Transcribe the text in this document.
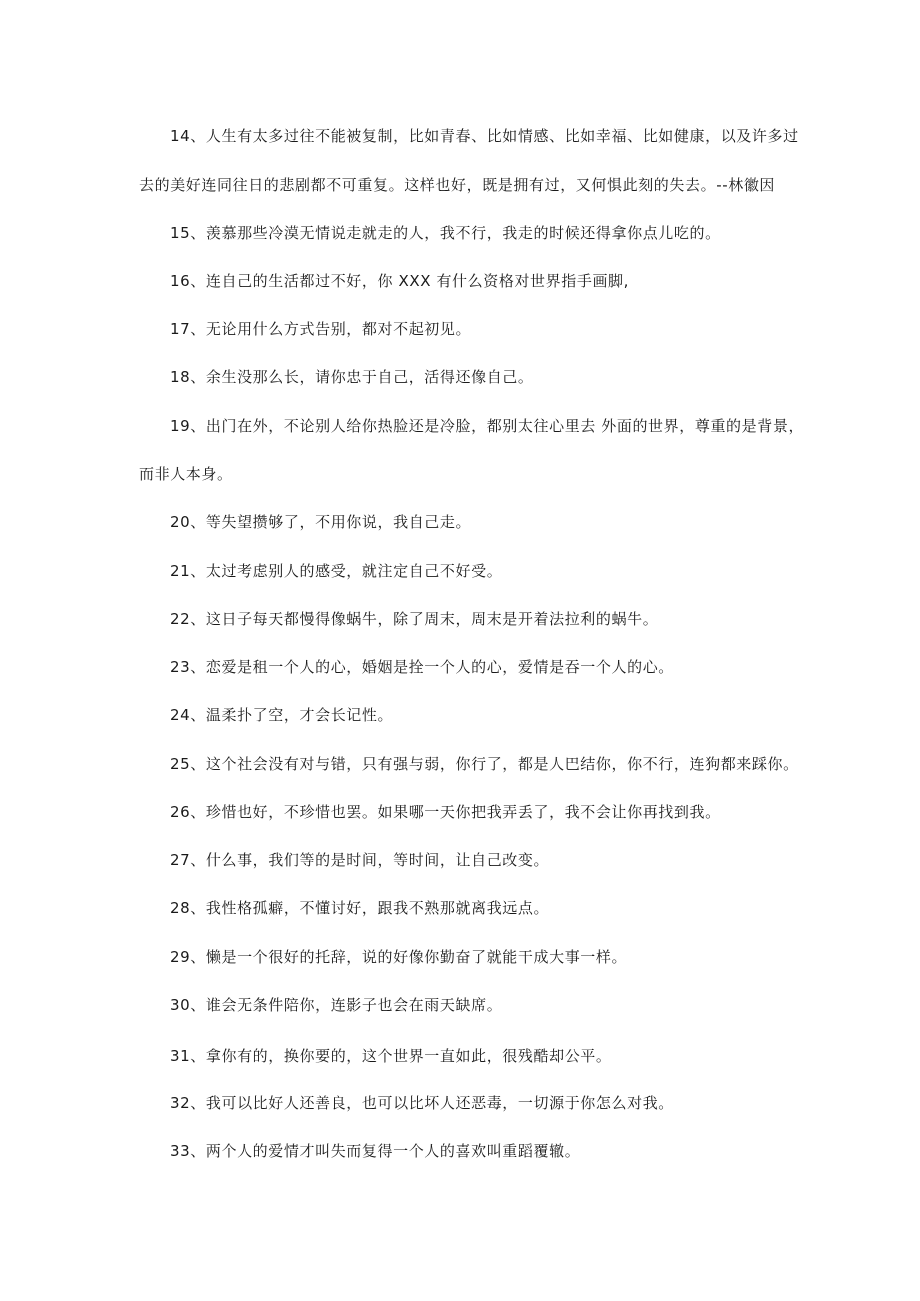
14、人生有太多过往不能被复制，比如青春、比如情感、比如幸福、比如健康，以及许多过
去的美好连同往日的悲剧都不可重复。这样也好，既是拥有过，又何惧此刻的失去。--林徽因
15、羡慕那些冷漠无情说走就走的人，我不行，我走的时候还得拿你点儿吃的。
16、连自己的生活都过不好，你 XXX 有什么资格对世界指手画脚,
17、无论用什么方式告别，都对不起初见。
18、余生没那么长，请你忠于自己，活得还像自己。
19、出门在外，不论别人给你热脸还是冷脸，都别太往心里去 外面的世界，尊重的是背景，
而非人本身。
20、等失望攒够了，不用你说，我自己走。
21、太过考虑别人的感受，就注定自己不好受。
22、这日子每天都慢得像蜗牛，除了周末，周末是开着法拉利的蜗牛。
23、恋爱是租一个人的心，婚姻是拴一个人的心，爱情是吞一个人的心。
24、温柔扑了空，才会长记性。
25、这个社会没有对与错，只有强与弱，你行了，都是人巴结你，你不行，连狗都来踩你。
26、珍惜也好，不珍惜也罢。如果哪一天你把我弄丢了，我不会让你再找到我。
27、什么事，我们等的是时间，等时间，让自己改变。
28、我性格孤癖，不懂讨好，跟我不熟那就离我远点。
29、懒是一个很好的托辞，说的好像你勤奋了就能干成大事一样。
30、谁会无条件陪你，连影子也会在雨天缺席。
31、拿你有的，换你要的，这个世界一直如此，很残酷却公平。
32、我可以比好人还善良，也可以比坏人还恶毒，一切源于你怎么对我。
33、两个人的爱情才叫失而复得一个人的喜欢叫重蹈覆辙。
